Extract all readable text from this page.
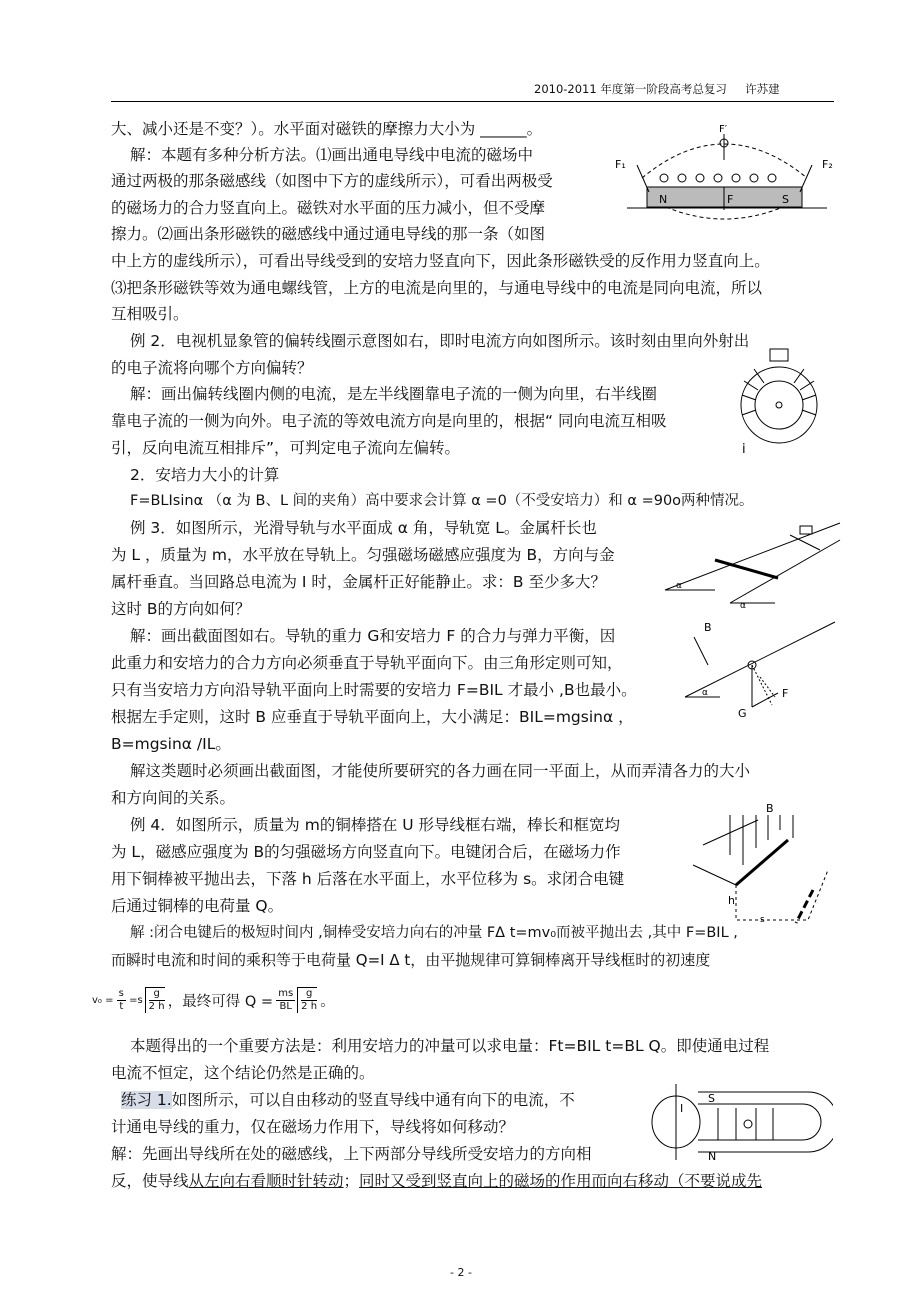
2010-2011 年度第一阶段高考总复习     许苏建
大、减小还是不变？）。水平面对磁铁的摩擦力大小为 ______。
解：本题有多种分析方法。⑴画出通电导线中电流的磁场中
通过两极的那条磁感线（如图中下方的虚线所示），可看出两极受
的磁场力的合力竖直向上。磁铁对水平面的压力减小，但不受摩
擦力。⑵画出条形磁铁的磁感线中通过通电导线的那一条（如图
中上方的虚线所示），可看出导线受到的安培力竖直向下，因此条形磁铁受的反作用力竖直向上。
⑶把条形磁铁等效为通电螺线管，上方的电流是向里的，与通电导线中的电流是同向电流，所以
互相吸引。
例 2．电视机显象管的偏转线圈示意图如右，即时电流方向如图所示。该时刻由里向外射出
的电子流将向哪个方向偏转？
解：画出偏转线圈内侧的电流，是左半线圈靠电子流的一侧为向里，右半线圈
靠电子流的一侧为向外。电子流的等效电流方向是向里的，根据“ 同向电流互相吸
引，反向电流互相排斥”，可判定电子流向左偏转。
2．安培力大小的计算
F=BLIsinα （α 为 B、L 间的夹角）高中要求会计算 α =0（不受安培力）和 α =90o两种情况。
例 3．如图所示，光滑导轨与水平面成 α 角，导轨宽 L。金属杆长也
为 L ，质量为 m，水平放在导轨上。匀强磁场磁感应强度为 B，方向与金
属杆垂直。当回路总电流为 I 时，金属杆正好能静止。求：B 至少多大？
这时 B的方向如何？
解：画出截面图如右。导轨的重力 G和安培力 F 的合力与弹力平衡，因
此重力和安培力的合力方向必须垂直于导轨平面向下。由三角形定则可知，
只有当安培力方向沿导轨平面向上时需要的安培力 F=BIL 才最小 ,B也最小。
根据左手定则，这时 B 应垂直于导轨平面向上，大小满足：BIL=mgsinα ，
B=mgsinα /IL。
解这类题时必须画出截面图，才能使所要研究的各力画在同一平面上，从而弄清各力的大小
和方向间的关系。
例 4．如图所示，质量为 m的铜棒搭在 U 形导线框右端，棒长和框宽均
为 L，磁感应强度为 B的匀强磁场方向竖直向下。电键闭合后，在磁场力作
用下铜棒被平抛出去，下落 h 后落在水平面上，水平位移为 s。求闭合电键
后通过铜棒的电荷量 Q。
解 :闭合电键后的极短时间内 ,铜棒受安培力向右的冲量 FΔ t=mv₀而被平抛出去 ,其中 F=BIL ,
而瞬时电流和时间的乘积等于电荷量 Q=I Δ t，由平抛规律可算铜棒离开导线框时的初速度
$v_0 = \frac{s}{t} =s \frac{g}{2 h}$ ，最终可得 $Q = \frac{ms}{BL} \frac{g}{2 h}$ 。
本题得出的一个重要方法是：利用安培力的冲量可以求电量：Ft=BIL t=BL Q。即使通电过程
电流不恒定，这个结论仍然是正确的。
练习 1.如图所示，可以自由移动的竖直导线中通有向下的电流，不
计通电导线的重力，仅在磁场力作用下，导线将如何移动？
解：先画出导线所在处的磁感线，上下两部分导线所受安培力的方向相
反，使导线从左向右看顺时针转动；同时又受到竖直向上的磁场的作用而向右移动（不要说成先
F′
F₁	F₂
N	F	S
i
α
α
B
G
F
α
B
h
s
I
S
N
- 2 -
